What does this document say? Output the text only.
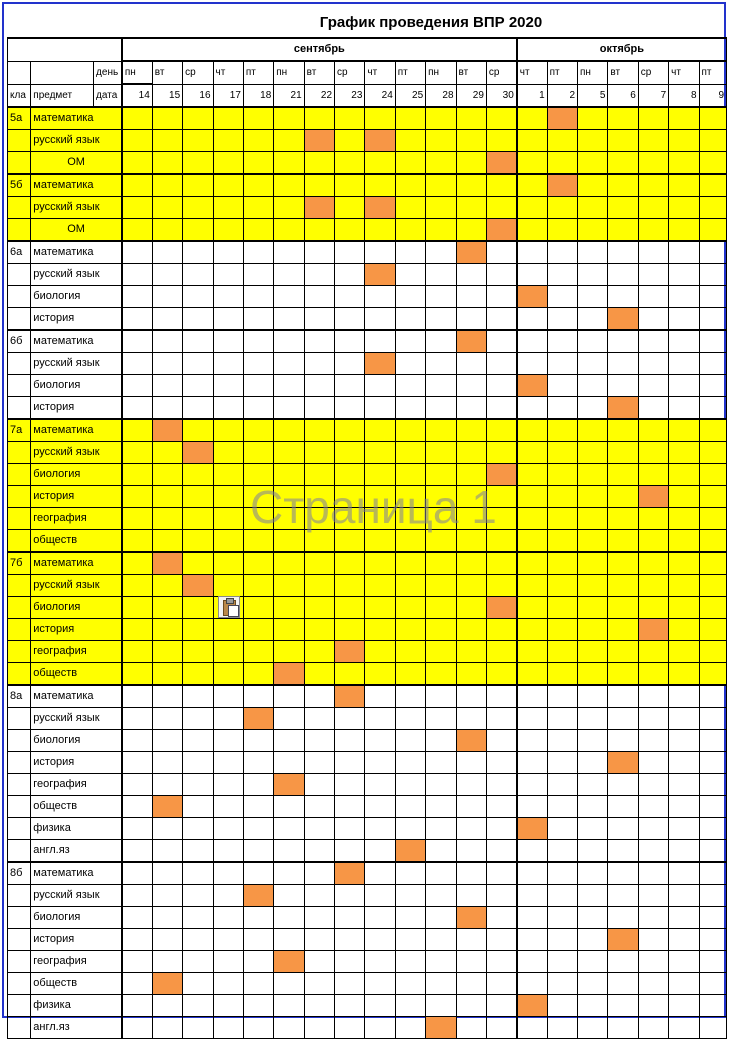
График проведения ВПР 2020																						
			сентябрь													октябрь						
		день	пн	вт	ср	чт	пт	пн	вт	ср	чт	пт	пн	вт	ср	чт	пт	пн	вт	ср	чт	пт
кла	предмет	дата	14	15	16	17	18	21	22	23	24	25	28	29	30	1	2	5	6	7	8	9
5а	математика																					
	русский язык																					
	ОМ																					
5б	математика																					
	русский язык																					
	ОМ																					
6а	математика																					
	русский язык																					
	биология																					
	история																					
6б	математика																					
	русский язык																					
	биология																					
	история																					
7а	математика																					
	русский язык																					
	биология																					
	история																					
	география																					
	обществ																					
7б	математика																					
	русский язык																					
	биология																					
	история																					
	география																					
	обществ																					
8а	математика																					
	русский язык																					
	биология																					
	история																					
	география																					
	обществ																					
	физика																					
	англ.яз																					
8б	математика																					
	русский язык																					
	биология																					
	история																					
	география																					
	обществ																					
	физика																					
	англ.яз																					
Страница 1
